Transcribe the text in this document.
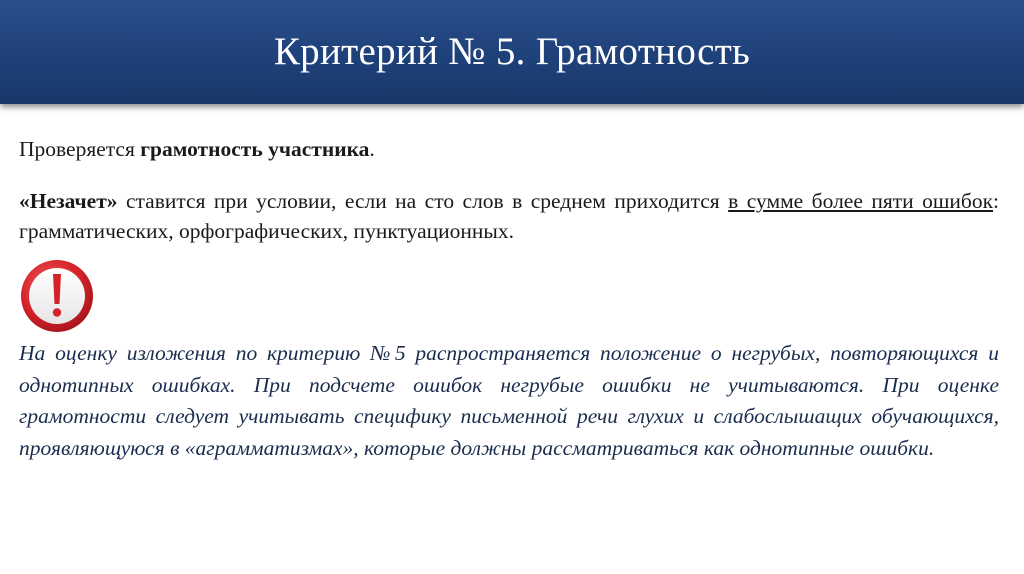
Критерий № 5. Грамотность

Проверяется грамотность участника.

«Незачет» ставится при условии, если на сто слов в среднем приходится в сумме более пяти ошибок: грамматических, орфографических, пунктуационных.

На оценку изложения по критерию №5 распространяется положение о негрубых, повторяющихся и однотипных ошибках. При подсчете ошибок негрубые ошибки не учитываются. При оценке грамотности следует учитывать специфику письменной речи глухих и слабослышащих обучающихся, проявляющуюся в «аграмматизмах», которые должны рассматриваться как однотипные ошибки.
